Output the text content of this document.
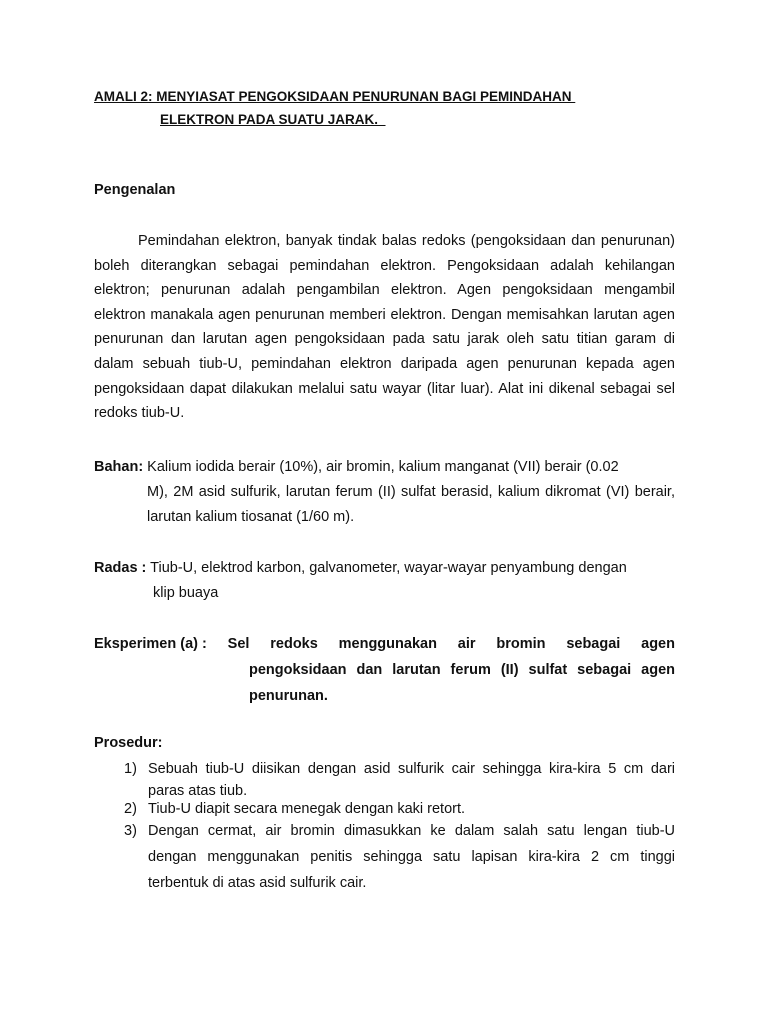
AMALI 2: MENYIASAT PENGOKSIDAAN PENURUNAN BAGI PEMINDAHAN
ELEKTRON PADA SUATU JARAK.
Pengenalan
Pemindahan elektron, banyak tindak balas redoks (pengoksidaan dan penurunan) boleh diterangkan sebagai pemindahan elektron. Pengoksidaan adalah kehilangan elektron; penurunan adalah pengambilan elektron. Agen pengoksidaan mengambil elektron manakala agen penurunan memberi elektron. Dengan memisahkan larutan agen penurunan dan larutan agen pengoksidaan pada satu jarak oleh satu titian garam di dalam sebuah tiub-U, pemindahan elektron daripada agen penurunan kepada agen pengoksidaan dapat dilakukan melalui satu wayar (litar luar). Alat ini dikenal sebagai sel redoks tiub-U.
Bahan: Kalium iodida berair (10%), air bromin, kalium manganat (VII) berair (0.02
M), 2M asid sulfurik, larutan ferum (II) sulfat berasid, kalium dikromat (VI) berair, larutan kalium tiosanat (1/60 m).
Radas : Tiub-U, elektrod karbon, galvanometer, wayar-wayar penyambung dengan
klip buaya
Eksperimen (a) : Sel redoks menggunakan air bromin sebagai agen
pengoksidaan dan larutan ferum (II) sulfat sebagai agen penurunan.
Prosedur:
1) Sebuah tiub-U diisikan dengan asid sulfurik cair sehingga kira-kira 5 cm dari paras atas tiub.
2) Tiub-U diapit secara menegak dengan kaki retort.
3) Dengan cermat, air bromin dimasukkan ke dalam salah satu lengan tiub-U dengan menggunakan penitis sehingga satu lapisan kira-kira 2 cm tinggi terbentuk di atas asid sulfurik cair.
